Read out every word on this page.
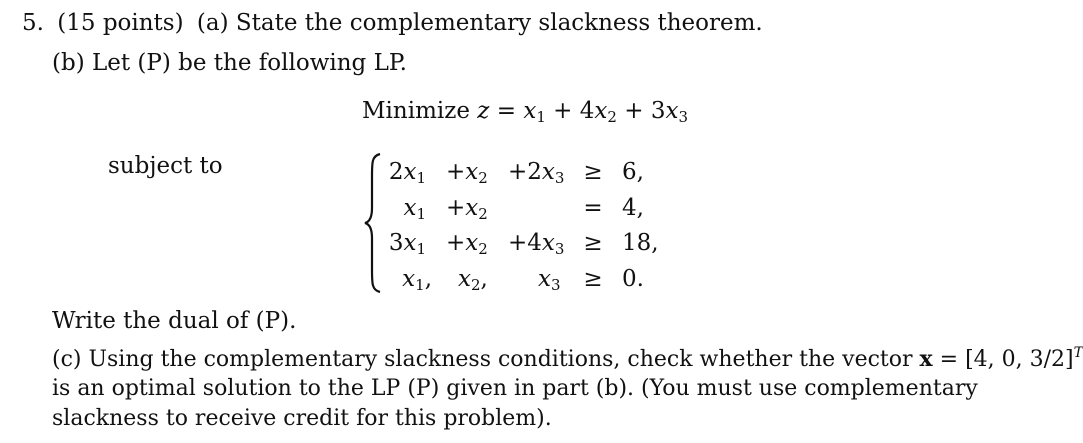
5. (15 points) (a) State the complementary slackness theorem.
(b) Let (P) be the following LP.
Minimize $z = x_1 + 4x_2 + 3x_3$
subject to	$2x_1 +x_2 +2x_3 \ge 6$,
$x_1 +x_2$	= 4,
$3x_1 +x_2 +4x_3 \ge 18$,
$x_1$, $x_2$, $x_3 \ge 0$.
Write the dual of (P).
(c) Using the complementary slackness conditions, check whether the vector x = [4, 0, 3/2]$^T$
is an optimal solution to the LP (P) given in part (b). (You must use complementary
slackness to receive credit for this problem).
